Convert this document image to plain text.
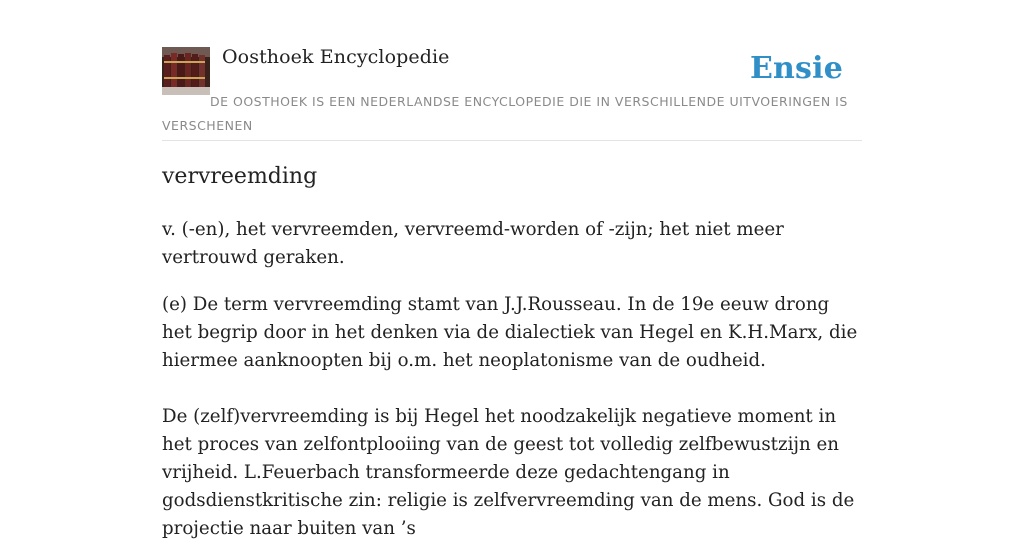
Oosthoek Encyclopedie	Ensie
DE OOSTHOEK IS EEN NEDERLANDSE ENCYCLOPEDIE DIE IN VERSCHILLENDE UITVOERINGEN IS VERSCHENEN
vervreemding

v. (-en), het vervreemden, vervreemd-worden of -zijn; het niet meer vertrouwd geraken.

(e) De term vervreemding stamt van J.J.Rousseau. In de 19e eeuw drong het begrip door in het denken via de dialectiek van Hegel en K.H.Marx, die hiermee aanknoopten bij o.m. het neoplatonisme van de oudheid.

De (zelf)vervreemding is bij Hegel het noodzakelijk negatieve moment in het proces van zelfontplooiing van de geest tot volledig zelfbewustzijn en vrijheid. L.Feuerbach transformeerde deze gedachtengang in godsdienstkritische zin: religie is zelfvervreemding van de mens. God is de projectie naar buiten van ’s
